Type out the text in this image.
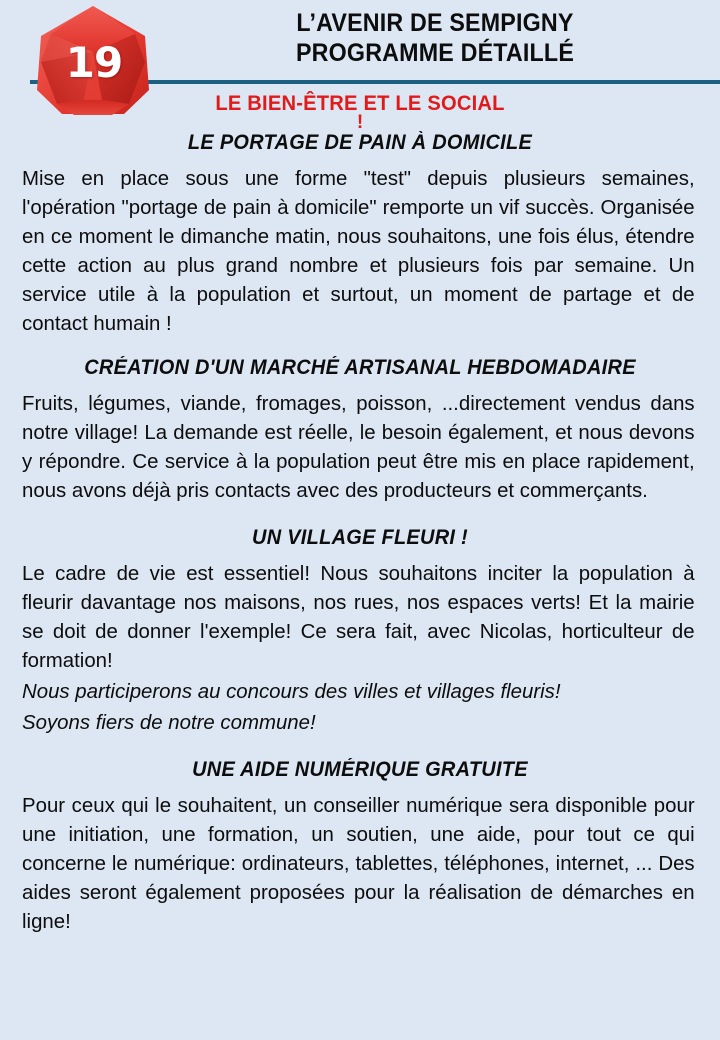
19
L’AVENIR DE SEMPIGNY
PROGRAMME DÉTAILLÉ
LE BIEN-ÊTRE ET LE SOCIAL
!
LE PORTAGE DE PAIN À DOMICILE
Mise en place sous une forme "test" depuis plusieurs semaines, l'opération "portage de pain à domicile" remporte un vif succès. Organisée en ce moment le dimanche matin, nous souhaitons, une fois élus, étendre cette action au plus grand nombre et plusieurs fois par semaine. Un service utile à la population et surtout, un moment de partage et de contact humain !
CRÉATION D'UN MARCHÉ ARTISANAL HEBDOMADAIRE
Fruits, légumes, viande, fromages, poisson, ...directement vendus dans notre village! La demande est réelle, le besoin également, et nous devons y répondre. Ce service à la population peut être mis en place rapidement, nous avons déjà pris contacts avec des producteurs et commerçants.
UN VILLAGE FLEURI !
Le cadre de vie est essentiel! Nous souhaitons inciter la population à fleurir davantage nos maisons, nos rues, nos espaces verts! Et la mairie se doit de donner l'exemple! Ce sera fait, avec Nicolas, horticulteur de formation!
Nous participerons au concours des villes et villages fleuris!
Soyons fiers de notre commune!
UNE AIDE NUMÉRIQUE GRATUITE
Pour ceux qui le souhaitent, un conseiller numérique sera disponible pour une initiation, une formation, un soutien, une aide, pour tout ce qui concerne le numérique: ordinateurs, tablettes, téléphones, internet, ... Des aides seront également proposées pour la réalisation de démarches en ligne!
